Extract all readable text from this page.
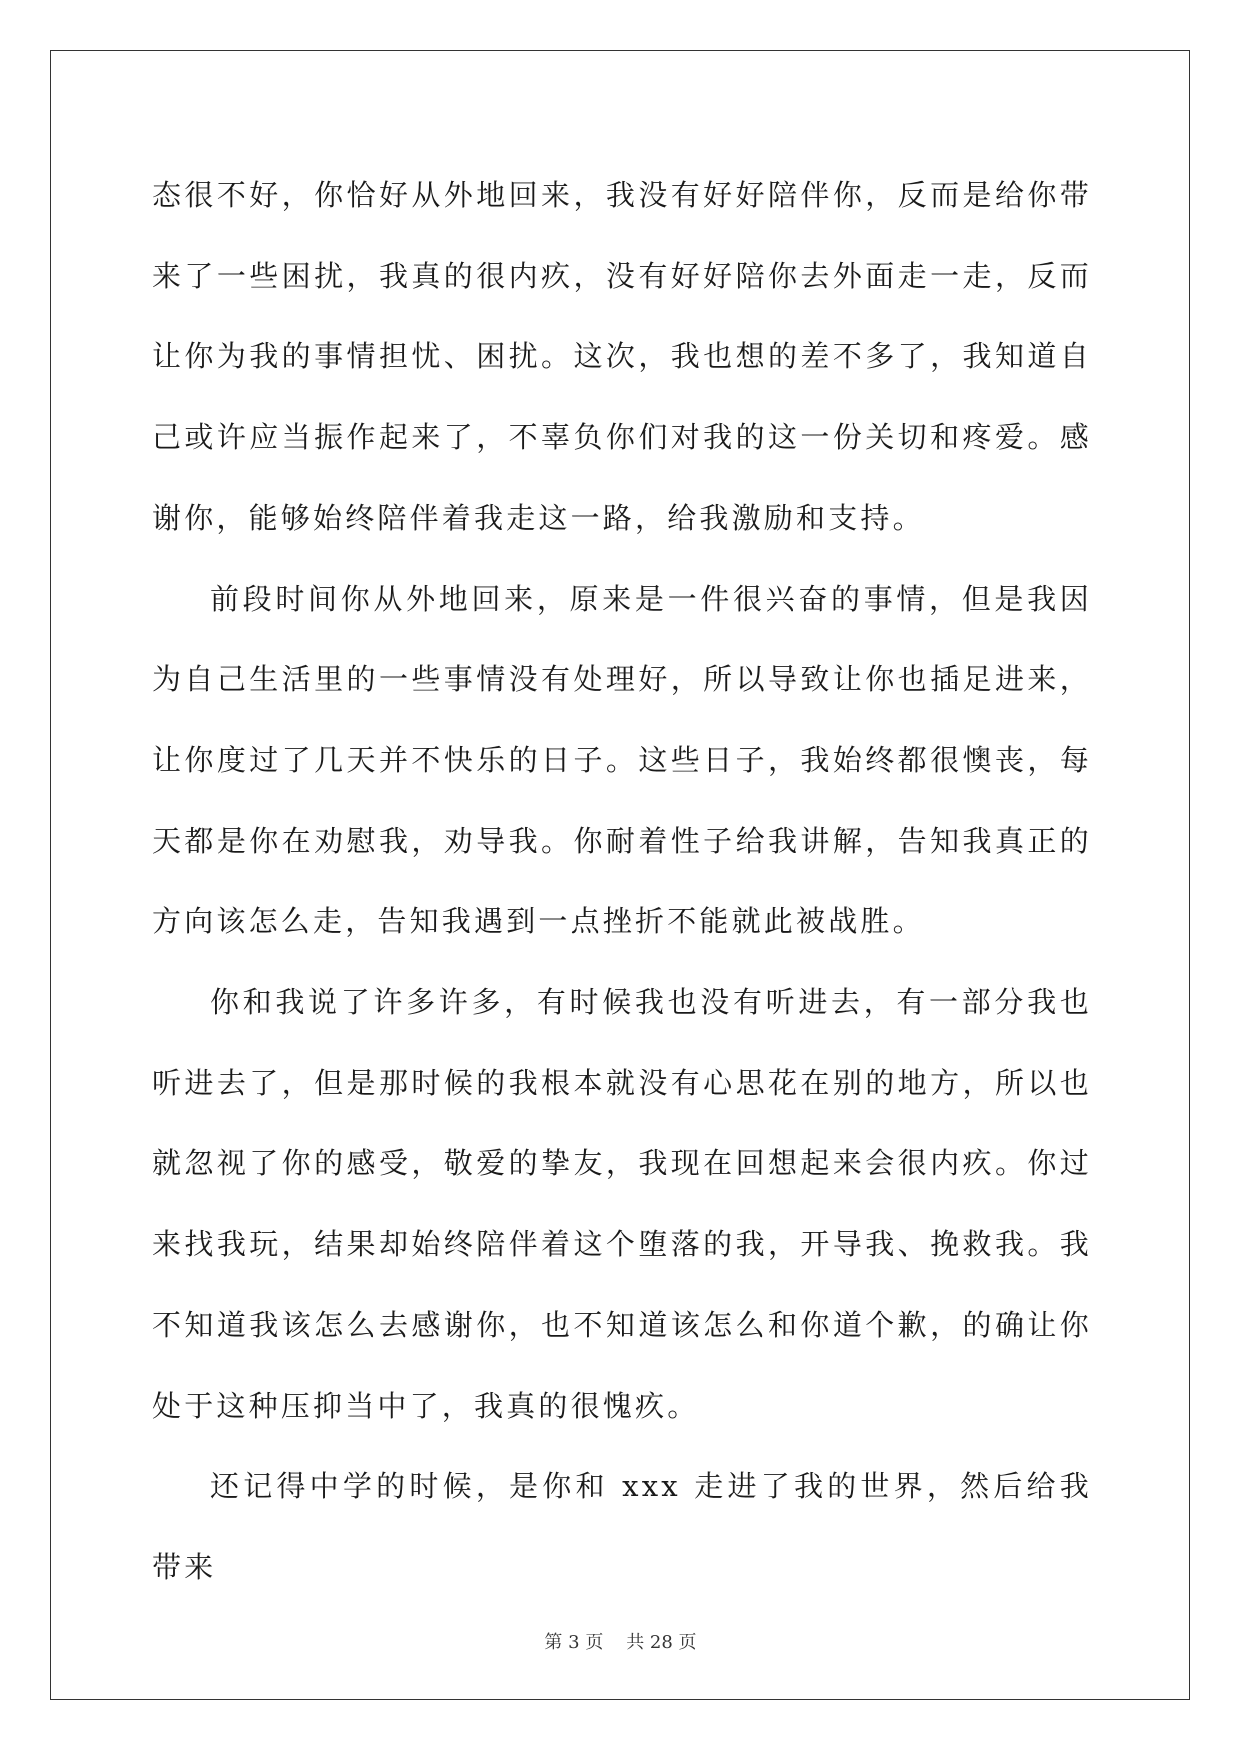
态很不好，你恰好从外地回来，我没有好好陪伴你，反而是给你带来了一些困扰，我真的很内疚，没有好好陪你去外面走一走，反而让你为我的事情担忧、困扰。这次，我也想的差不多了，我知道自己或许应当振作起来了，不辜负你们对我的这一份关切和疼爱。感谢你，能够始终陪伴着我走这一路，给我激励和支持。

前段时间你从外地回来，原来是一件很兴奋的事情，但是我因为自己生活里的一些事情没有处理好，所以导致让你也插足进来，让你度过了几天并不快乐的日子。这些日子，我始终都很懊丧，每天都是你在劝慰我，劝导我。你耐着性子给我讲解，告知我真正的方向该怎么走，告知我遇到一点挫折不能就此被战胜。

你和我说了许多许多，有时候我也没有听进去，有一部分我也听进去了，但是那时候的我根本就没有心思花在别的地方，所以也就忽视了你的感受，敬爱的挚友，我现在回想起来会很内疚。你过来找我玩，结果却始终陪伴着这个堕落的我，开导我、挽救我。我不知道我该怎么去感谢你，也不知道该怎么和你道个歉，的确让你处于这种压抑当中了，我真的很愧疚。

还记得中学的时候，是你和 xxx 走进了我的世界，然后给我带来

第 3 页    共 28 页
